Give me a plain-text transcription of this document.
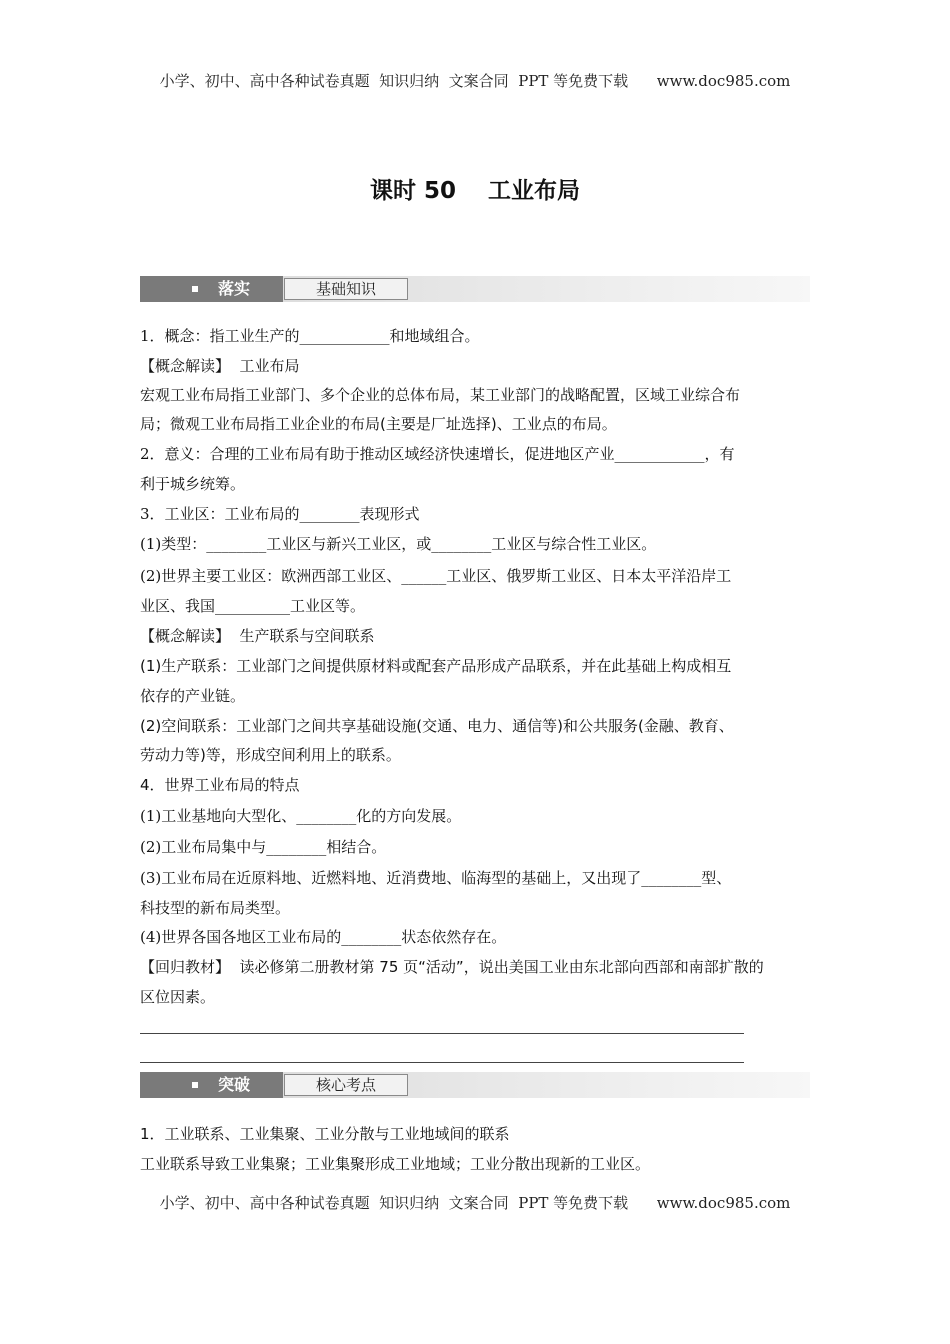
小学、初中、高中各种试卷真题  知识归纳  文案合同  PPT 等免费下载      www.doc985.com
课时 50    工业布局
落实	基础知识

1．概念：指工业生产的____________和地域组合。

【概念解读】  工业布局

宏观工业布局指工业部门、多个企业的总体布局，某工业部门的战略配置，区域工业综合布

局；微观工业布局指工业企业的布局(主要是厂址选择)、工业点的布局。

2．意义：合理的工业布局有助于推动区域经济快速增长，促进地区产业____________，有

利于城乡统筹。

3．工业区：工业布局的________表现形式

(1)类型：________工业区与新兴工业区，或________工业区与综合性工业区。

(2)世界主要工业区：欧洲西部工业区、______工业区、俄罗斯工业区、日本太平洋沿岸工

业区、我国__________工业区等。

【概念解读】  生产联系与空间联系

(1)生产联系：工业部门之间提供原材料或配套产品形成产品联系，并在此基础上构成相互

依存的产业链。

(2)空间联系：工业部门之间共享基础设施(交通、电力、通信等)和公共服务(金融、教育、

劳动力等)等，形成空间利用上的联系。

4．世界工业布局的特点

(1)工业基地向大型化、________化的方向发展。

(2)工业布局集中与________相结合。

(3)工业布局在近原料地、近燃料地、近消费地、临海型的基础上，又出现了________型、

科技型的新布局类型。

(4)世界各国各地区工业布局的________状态依然存在。

【回归教材】  读必修第二册教材第 75 页“活动”，说出美国工业由东北部向西部和南部扩散的

区位因素。

突破	核心考点

1．工业联系、工业集聚、工业分散与工业地域间的联系

工业联系导致工业集聚；工业集聚形成工业地域；工业分散出现新的工业区。

小学、初中、高中各种试卷真题  知识归纳  文案合同  PPT 等免费下载      www.doc985.com
